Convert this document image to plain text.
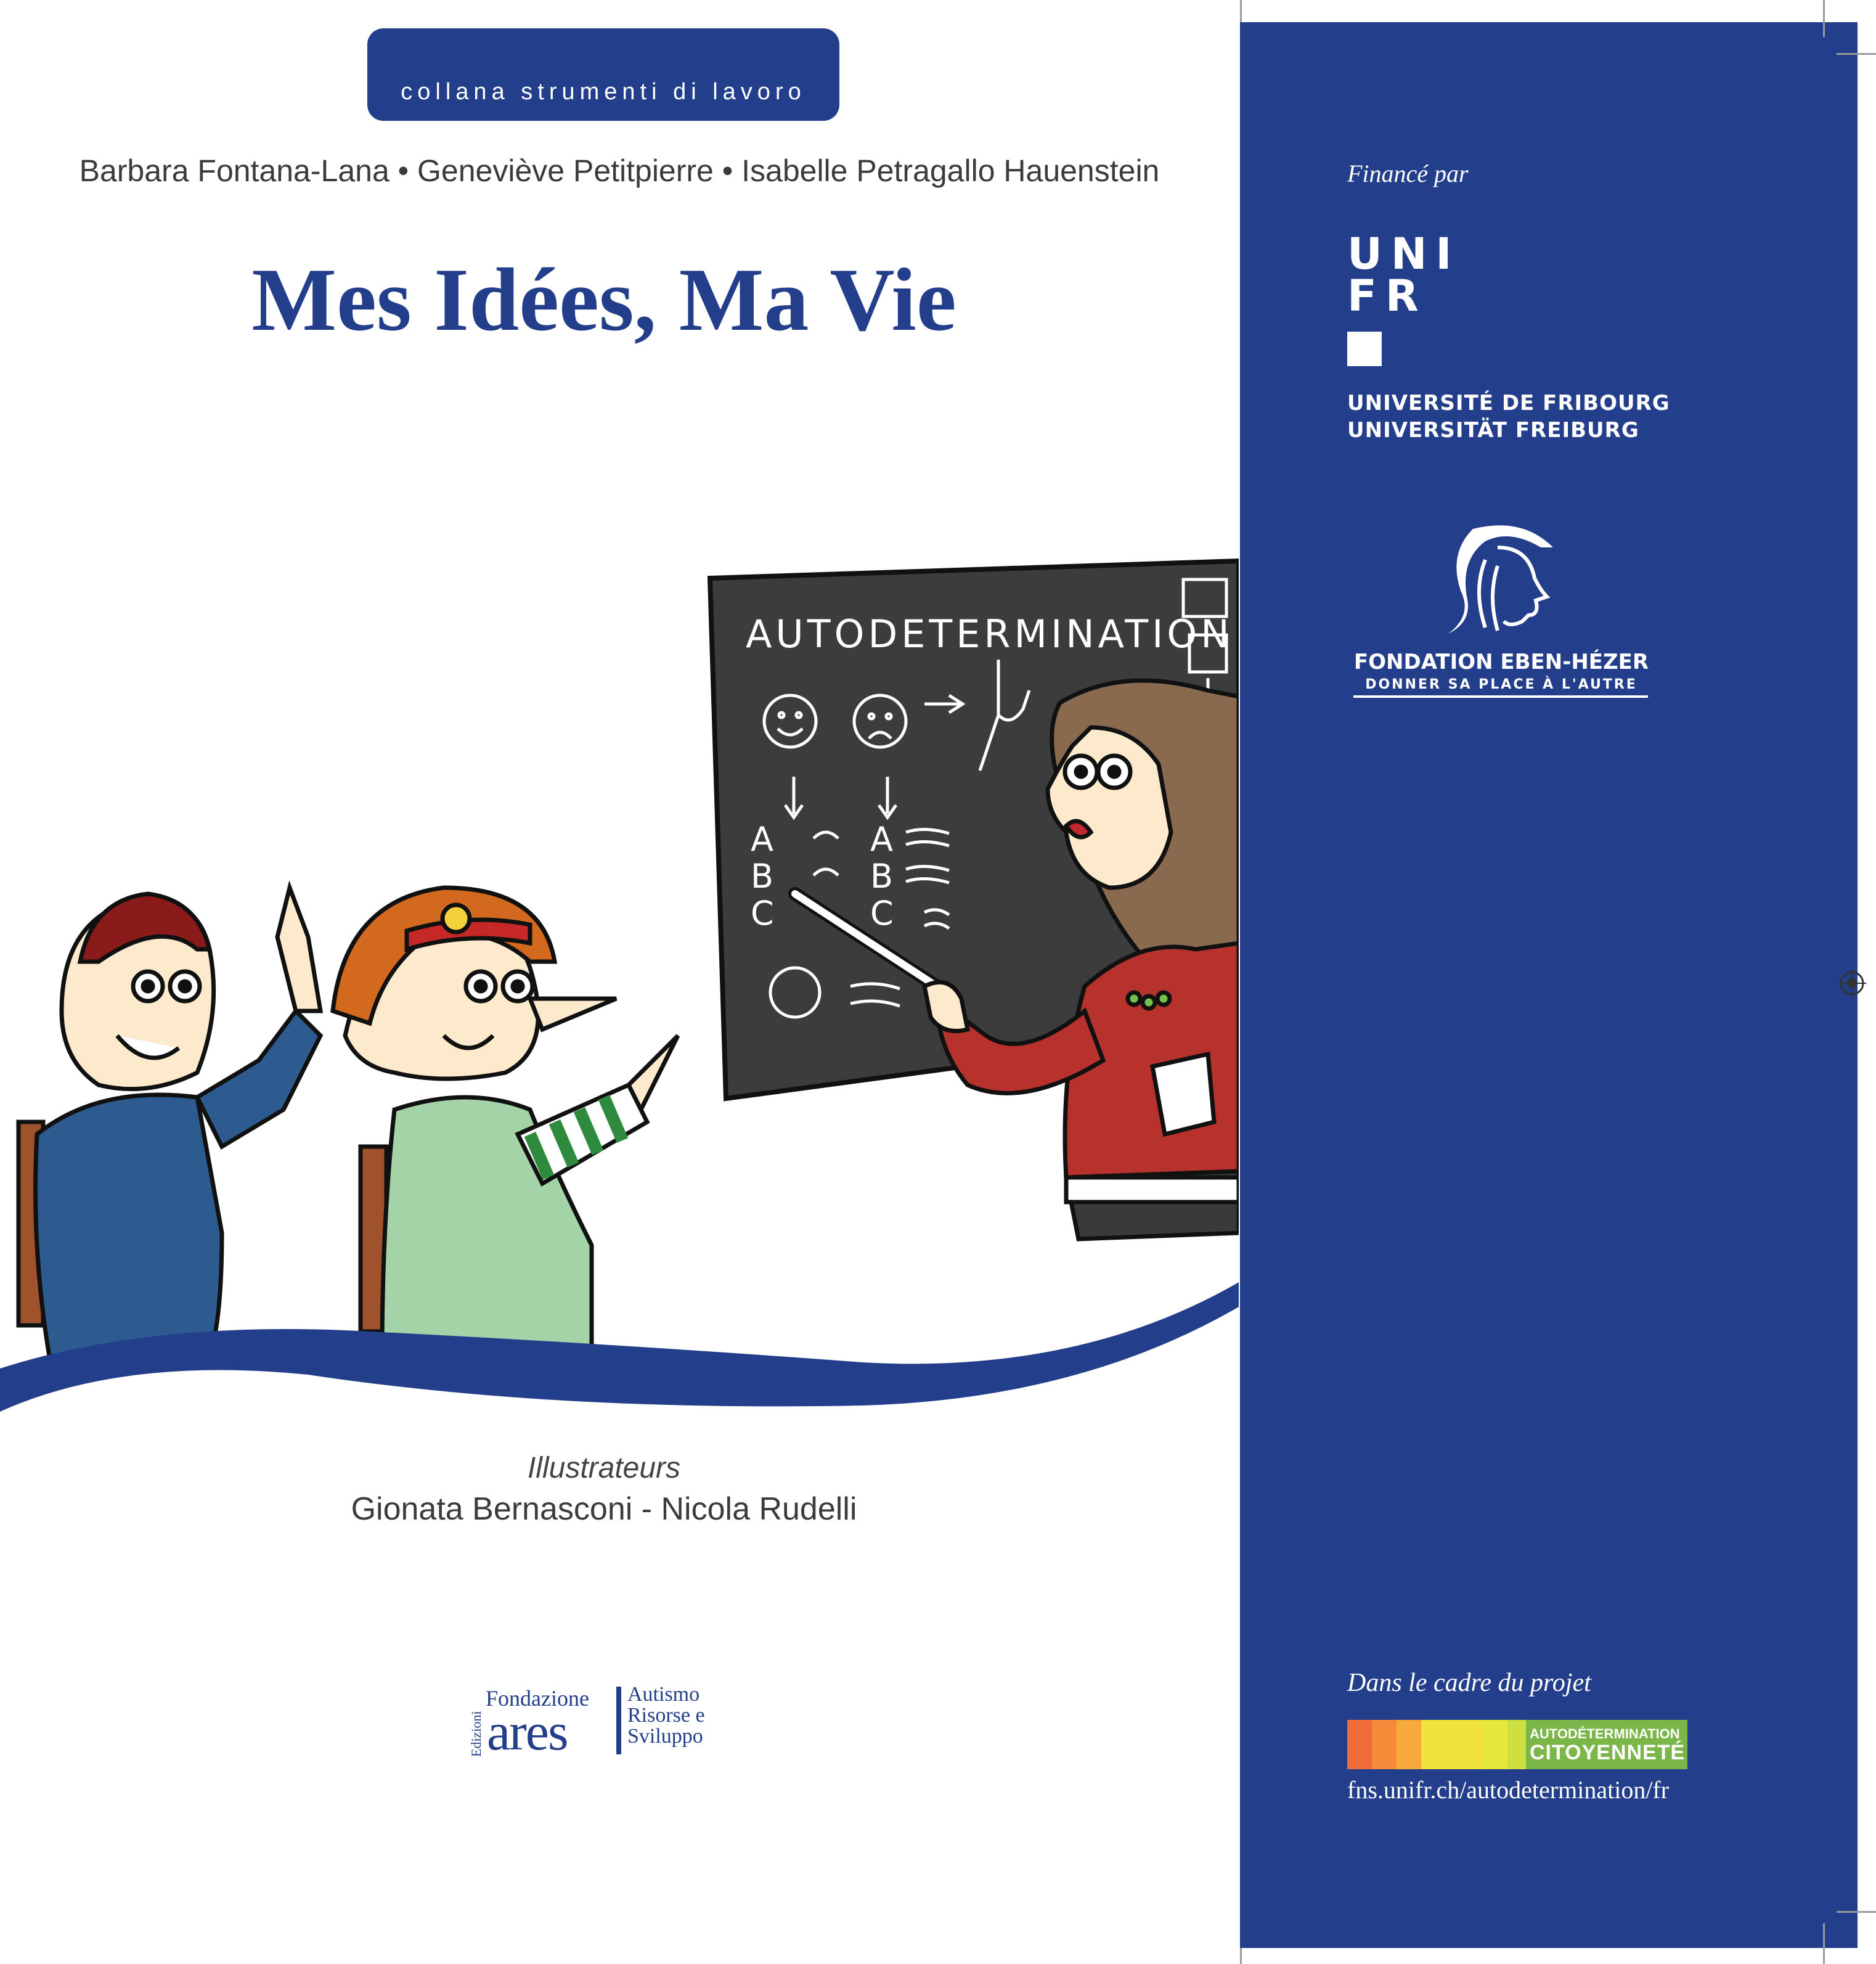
collana strumenti di lavoro
Barbara Fontana-Lana • Geneviève Petitpierre • Isabelle Petragallo Hauenstein
Mes Idées, Ma Vie
AUTODETERMINATION
A
B
C
A
B
C
Illustrateurs
Gionata Bernasconi - Nicola Rudelli
Edizioni
Fondazione
ares
Autismo
Risorse e
Sviluppo
Financé par
UNI
FR
UNIVERSITÉ DE FRIBOURG
UNIVERSITÄT FREIBURG
FONDATION EBEN-HÉZER
DONNER SA PLACE À L'AUTRE
Dans le cadre du projet
AUTODÉTERMINATION
CITOYENNETÉ
fns.unifr.ch/autodetermination/fr
